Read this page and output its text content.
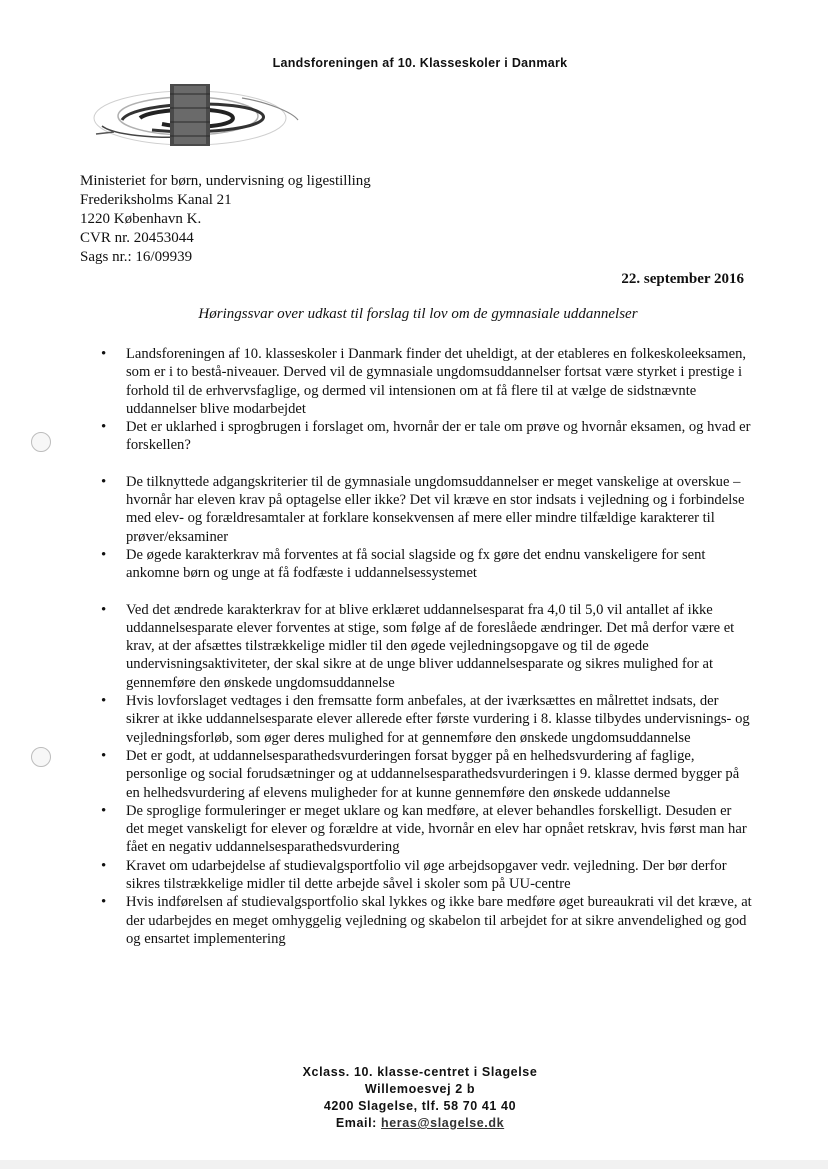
Landsforeningen af 10. Klasseskoler i Danmark
Ministeriet for børn, undervisning og ligestilling
Frederiksholms Kanal 21
1220 København K.
CVR nr. 20453044
Sags nr.: 16/09939
22. september 2016
Høringssvar over udkast til forslag til lov om de gymnasiale uddannelser
• Landsforeningen af 10. klasseskoler i Danmark finder det uheldigt, at der etableres en folkeskoleeksamen, som er i to bestå-niveauer. Derved vil de gymnasiale ungdomsuddannelser fortsat være styrket i prestige i forhold til de erhvervsfaglige, og dermed vil intensionen om at få flere til at vælge de sidstnævnte uddannelser blive modarbejdet
• Det er uklarhed i sprogbrugen i forslaget om, hvornår der er tale om prøve og hvornår eksamen, og hvad er forskellen?
• De tilknyttede adgangskriterier til de gymnasiale ungdomsuddannelser er meget vanskelige at overskue – hvornår har eleven krav på optagelse eller ikke? Det vil kræve en stor indsats i vejledning og i forbindelse med elev- og forældresamtaler at forklare konsekvensen af mere eller mindre tilfældige karakterer til prøver/eksaminer
• De øgede karakterkrav må forventes at få social slagside og fx gøre det endnu vanskeligere for sent ankomne børn og unge at få fodfæste i uddannelsessystemet
• Ved det ændrede karakterkrav for at blive erklæret uddannelsesparat fra 4,0 til 5,0 vil antallet af ikke uddannelsesparate elever forventes at stige, som følge af de foreslåede ændringer. Det må derfor være et krav, at der afsættes tilstrækkelige midler til den øgede vejledningsopgave og til de øgede undervisningsaktiviteter, der skal sikre at de unge bliver uddannelsesparate og sikres mulighed for at gennemføre den ønskede ungdomsuddannelse
• Hvis lovforslaget vedtages i den fremsatte form anbefales, at der iværksættes en målrettet indsats, der sikrer at ikke uddannelsesparate elever allerede efter første vurdering i 8. klasse tilbydes undervisnings- og vejledningsforløb, som øger deres mulighed for at gennemføre den ønskede ungdomsuddannelse
• Det er godt, at uddannelsesparathedsvurderingen forsat bygger på en helhedsvurdering af faglige, personlige og social forudsætninger og at uddannelsesparathedsvurderingen i 9. klasse dermed bygger på en helhedsvurdering af elevens muligheder for at kunne gennemføre den ønskede uddannelse
• De sproglige formuleringer er meget uklare og kan medføre, at elever behandles forskelligt. Desuden er det meget vanskeligt for elever og forældre at vide, hvornår en elev har opnået retskrav, hvis først man har fået en negativ uddannelsesparathedsvurdering
• Kravet om udarbejdelse af studievalgsportfolio vil øge arbejdsopgaver vedr. vejledning. Der bør derfor sikres tilstrækkelige midler til dette arbejde såvel i skoler som på UU-centre
• Hvis indførelsen af studievalgsportfolio skal lykkes og ikke bare medføre øget bureaukrati vil det kræve, at der udarbejdes en meget omhyggelig vejledning og skabelon til arbejdet for at sikre anvendelighed og god og ensartet implementering
Xclass. 10. klasse-centret i Slagelse
Willemoesvej 2 b
4200 Slagelse, tlf. 58 70 41 40
Email: heras@slagelse.dk
